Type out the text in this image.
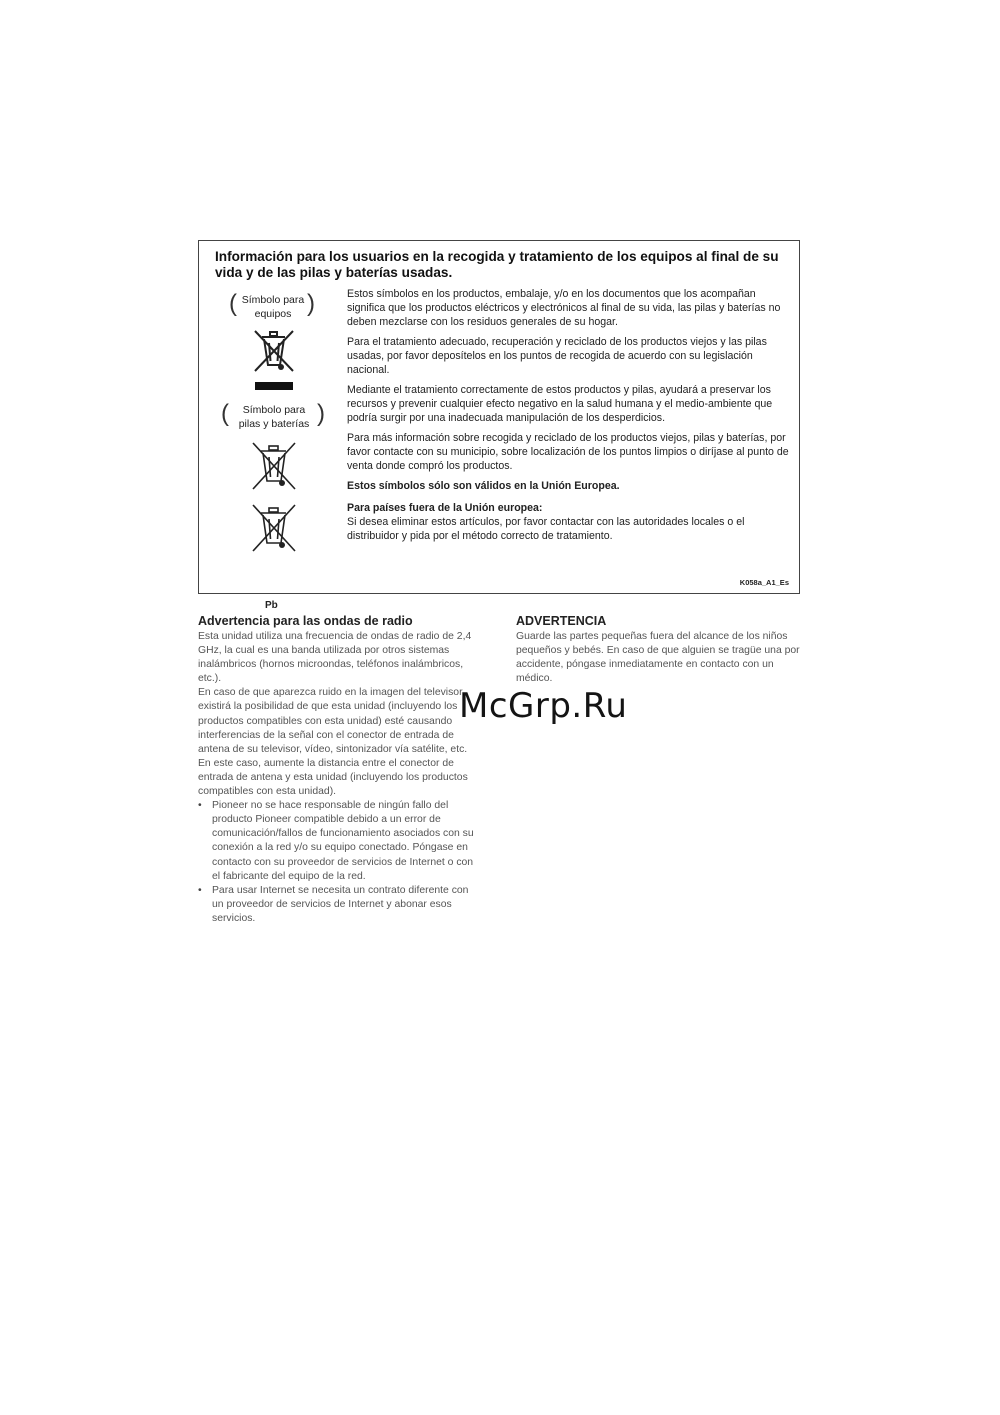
Información para los usuarios en la recogida y tratamiento de los equipos al final de su vida y de las pilas y baterías usadas.
( Símbolo para
equipos )
(	Símbolo para
pilas y baterías )
Pb

Estos símbolos en los productos, embalaje, y/o en los documentos que los acompañan significa que los productos eléctricos y electrónicos al final de su vida, las pilas y baterías no deben mezclarse con los residuos generales de su hogar.

Para el tratamiento adecuado, recuperación y reciclado de los productos viejos y las pilas usadas, por favor deposítelos en los puntos de recogida de acuerdo con su legislación nacional.

Mediante el tratamiento correctamente de estos productos y pilas, ayudará a preservar los recursos y prevenir cualquier efecto negativo en la salud humana y el medio-ambiente que podría surgir por una inadecuada manipulación de los desperdicios.

Para más información sobre recogida y reciclado de los productos viejos, pilas y baterías, por favor contacte con su municipio, sobre localización de los puntos limpios o diríjase al punto de venta donde compró los productos.

Estos símbolos sólo son válidos en la Unión Europea.

Para países fuera de la Unión europea:

Si desea eliminar estos artículos, por favor contactar con las autoridades locales o el distribuidor y pida por el método correcto de tratamiento.

K058a_A1_Es
Advertencia para las ondas de radio

Esta unidad utiliza una frecuencia de ondas de radio de 2,4 GHz, la cual es una banda utilizada por otros sistemas inalámbricos (hornos microondas, teléfonos inalámbricos, etc.).

En caso de que aparezca ruido en la imagen del televisor, existirá la posibilidad de que esta unidad (incluyendo los productos compatibles con esta unidad) esté causando interferencias de la señal con el conector de entrada de antena de su televisor, vídeo, sintonizador vía satélite, etc.

En este caso, aumente la distancia entre el conector de entrada de antena y esta unidad (incluyendo los productos compatibles con esta unidad).

• Pioneer no se hace responsable de ningún fallo del producto Pioneer compatible debido a un error de comunicación/fallos de funcionamiento asociados con su conexión a la red y/o su equipo conectado. Póngase en contacto con su proveedor de servicios de Internet o con el fabricante del equipo de la red.
• Para usar Internet se necesita un contrato diferente con un proveedor de servicios de Internet y abonar esos servicios.
ADVERTENCIA

Guarde las partes pequeñas fuera del alcance de los niños pequeños y bebés. En caso de que alguien se tragüe una por accidente, póngase inmediatamente en contacto con un médico.

McGrp.Ru
